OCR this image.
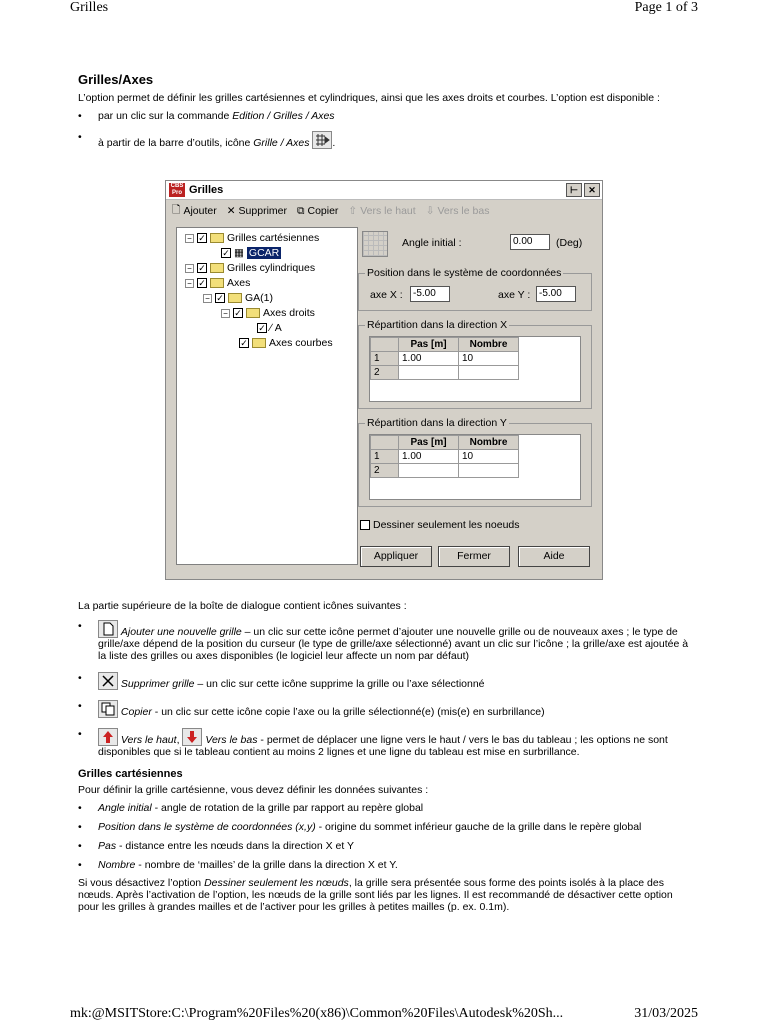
Grilles	Page 1 of 3
Grilles/Axes

L’option permet de définir les grilles cartésiennes et cylindriques, ainsi que les axes droits et courbes. L’option est disponible :

• par un clic sur la commande Edition / Grilles / Axes
• à partir de la barre d’outils, icône Grille / Axes .
CBS Pro Grilles	⊢	✕
🗋 Ajouter ✕ Supprimer ⧉ Copier ⇧ Vers le haut ⇩ Vers le bas
− ✓ Grilles cartésiennes
✓ ▦ GCAR
− ✓ Grilles cylindriques
− ✓ Axes
− ✓ GA(1)
− ✓ Axes droits
✓ ∕ A
✓ Axes courbes
Angle initial :	0.00	(Deg)
Position dans le système de coordonnées
axe X :	-5.00	axe Y : -5.00
Répartition dans la direction X
	Pas [m]	Nombre
1	1.00	10
2		
Répartition dans la direction Y
	Pas [m]	Nombre
1	1.00	10
2		
Dessiner seulement les noeuds
Appliquer	Fermer	Aide

La partie supérieure de la boîte de dialogue contient icônes suivantes :

• Ajouter une nouvelle grille – un clic sur cette icône permet d’ajouter une nouvelle grille ou de nouveaux axes ; le type de grille/axe dépend de la position du curseur (le type de grille/axe sélectionné) avant un clic sur l’icône ; la grille/axe est ajoutée à la liste des grilles ou axes disponibles (le logiciel leur affecte un nom par défaut)
• Supprimer grille – un clic sur cette icône supprime la grille ou l’axe sélectionné
• Copier - un clic sur cette icône copie l’axe ou la grille sélectionné(e) (mis(e) en surbrillance)
• Vers le haut,  Vers le bas - permet de déplacer une ligne vers le haut / vers le bas du tableau ; les options ne sont disponibles que si le tableau contient au moins 2 lignes et une ligne du tableau est mise en surbrillance.
Grilles cartésiennes

Pour définir la grille cartésienne, vous devez définir les données suivantes :

• Angle initial - angle de rotation de la grille par rapport au repère global
• Position dans le système de coordonnées (x,y) - origine du sommet inférieur gauche de la grille dans le repère global
• Pas - distance entre les nœuds dans la direction X et Y
• Nombre - nombre de ‘mailles’ de la grille dans la direction X et Y.

Si vous désactivez l’option Dessiner seulement les nœuds, la grille sera présentée sous forme des points isolés à la place des nœuds. Après l’activation de l’option, les nœuds de la grille sont liés par les lignes. Il est recommandé de désactiver cette option pour les grilles à grandes mailles et de l’activer pour les grilles à petites mailles (p. ex. 0.1m).

mk:@MSITStore:C:\Program%20Files%20(x86)\Common%20Files\Autodesk%20Sh...	31/03/2025
